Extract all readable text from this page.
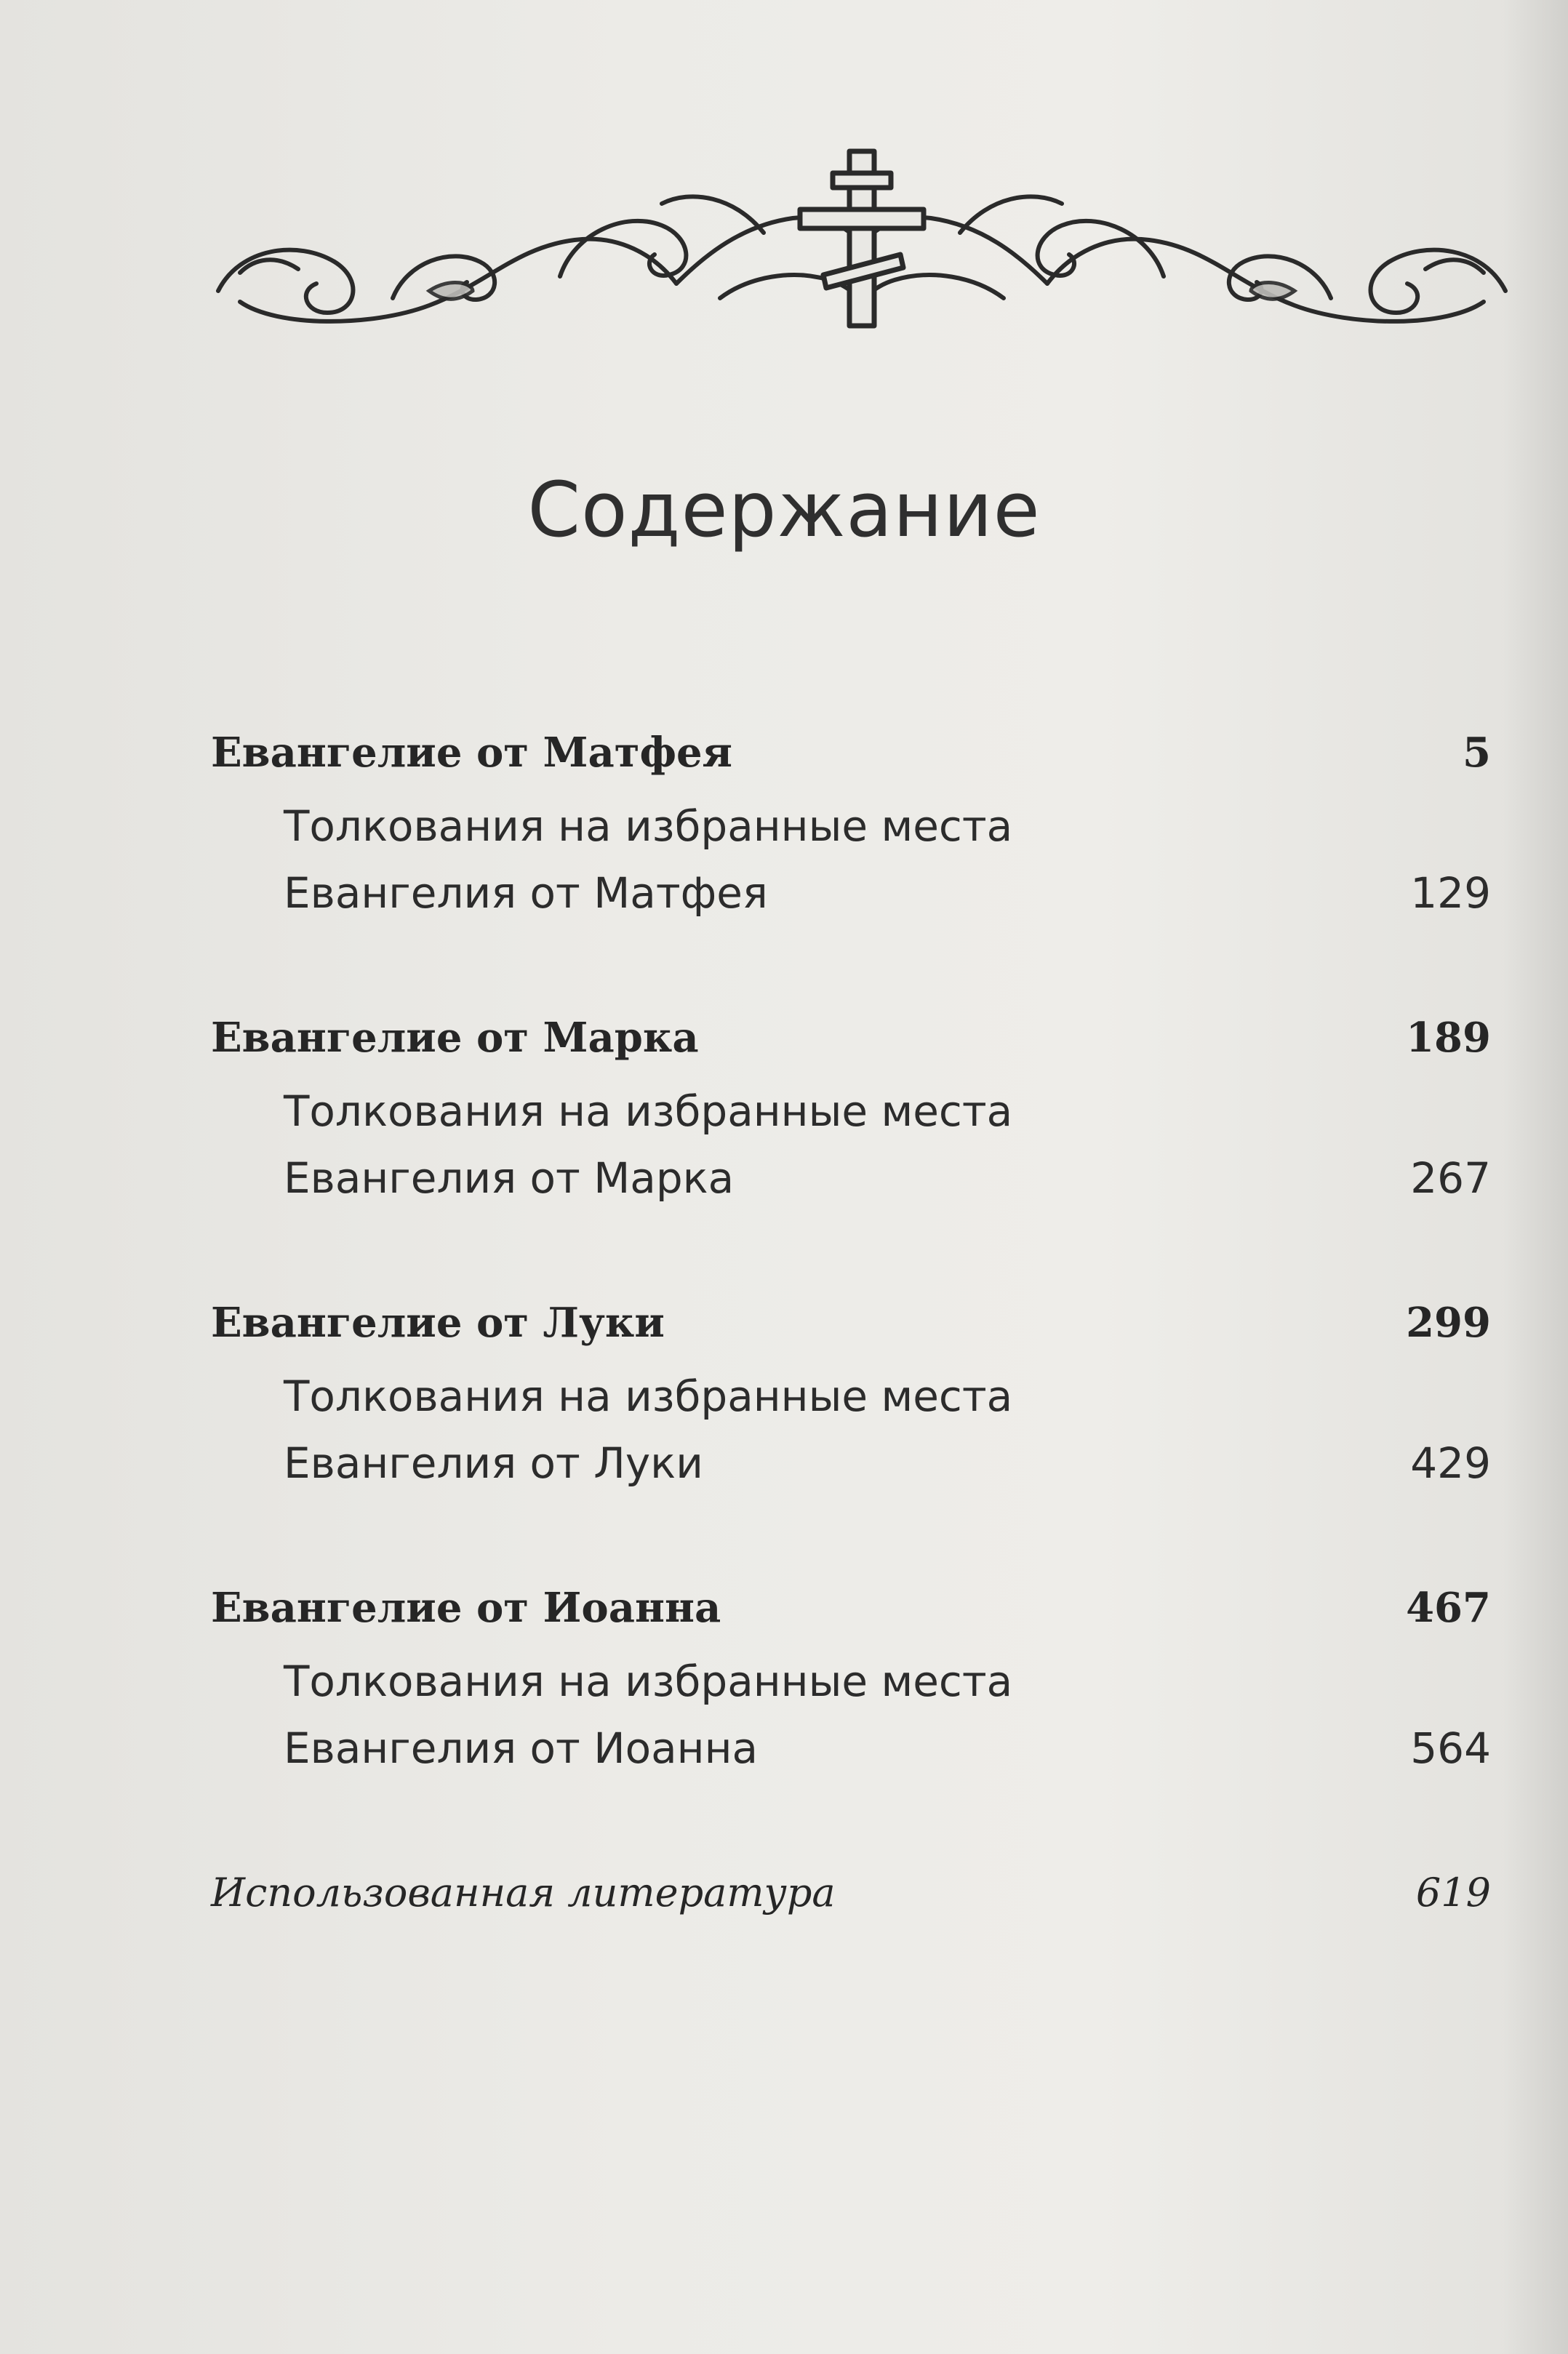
Содержание
Евангелие от Матфея .....	5
Толкования на избранные места
Евангелия от Матфея .....	129
Евангелие от Марка .....	189
Толкования на избранные места
Евангелия от Марка .....	267
Евангелие от Луки .....	299
Толкования на избранные места
Евангелия от Луки .....	429
Евангелие от Иоанна .....	467
Толкования на избранные места
Евангелия от Иоанна .....	564
Использованная литература .....	619
